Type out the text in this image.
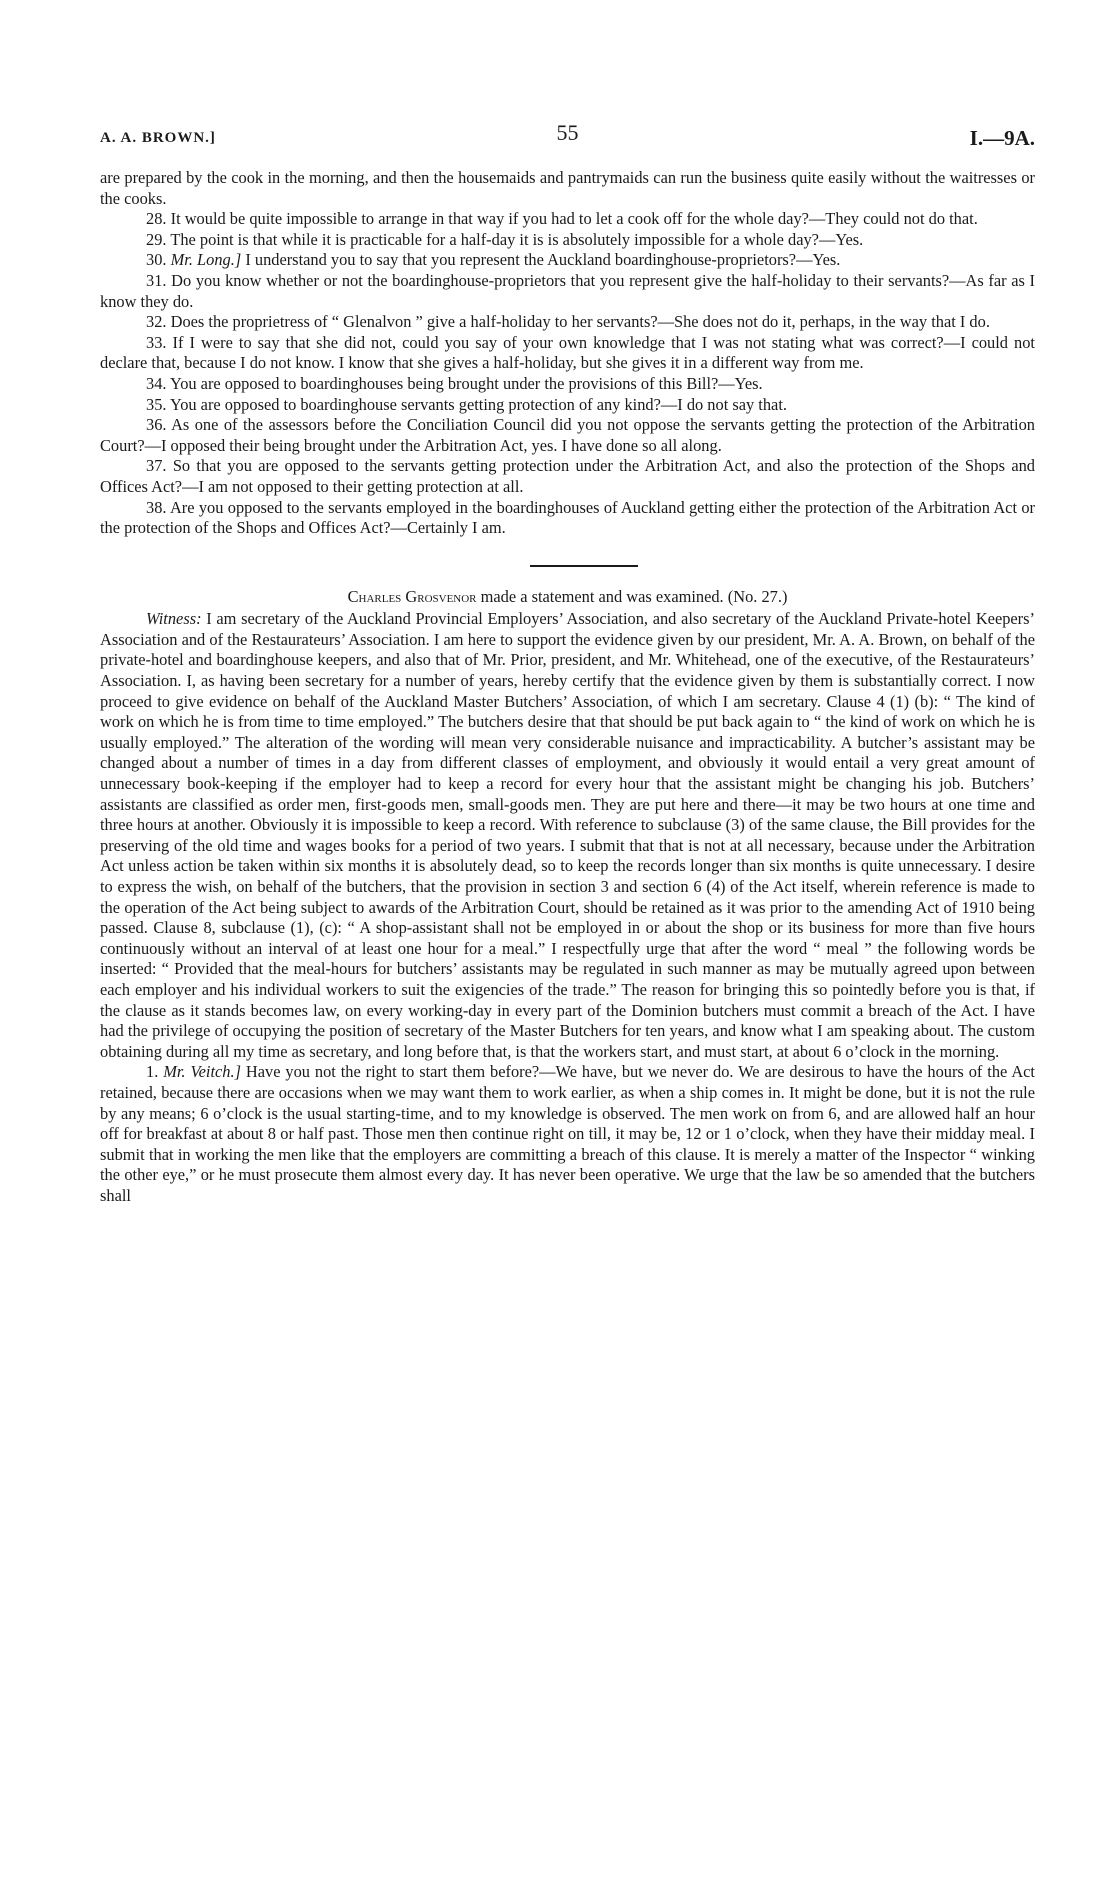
A. A. BROWN.]	55	I.—9A.

are prepared by the cook in the morning, and then the housemaids and pantrymaids can run the business quite easily without the waitresses or the cooks.

28. It would be quite impossible to arrange in that way if you had to let a cook off for the whole day?—They could not do that.

29. The point is that while it is practicable for a half-day it is is absolutely impossible for a whole day?—Yes.

30. Mr. Long.] I understand you to say that you represent the Auckland boardinghouse-proprietors?—Yes.

31. Do you know whether or not the boardinghouse-proprietors that you represent give the half-holiday to their servants?—As far as I know they do.

32. Does the proprietress of “ Glenalvon ” give a half-holiday to her servants?—She does not do it, perhaps, in the way that I do.

33. If I were to say that she did not, could you say of your own knowledge that I was not stating what was correct?—I could not declare that, because I do not know. I know that she gives a half-holiday, but she gives it in a different way from me.

34. You are opposed to boardinghouses being brought under the provisions of this Bill?—Yes.

35. You are opposed to boardinghouse servants getting protection of any kind?—I do not say that.

36. As one of the assessors before the Conciliation Council did you not oppose the servants getting the protection of the Arbitration Court?—I opposed their being brought under the Arbitration Act, yes. I have done so all along.

37. So that you are opposed to the servants getting protection under the Arbitration Act, and also the protection of the Shops and Offices Act?—I am not opposed to their getting protection at all.

38. Are you opposed to the servants employed in the boardinghouses of Auckland getting either the protection of the Arbitration Act or the protection of the Shops and Offices Act?—Certainly I am.

Charles Grosvenor made a statement and was examined. (No. 27.)

Witness: I am secretary of the Auckland Provincial Employers’ Association, and also secretary of the Auckland Private-hotel Keepers’ Association and of the Restaurateurs’ Association. I am here to support the evidence given by our president, Mr. A. A. Brown, on behalf of the private-hotel and boardinghouse keepers, and also that of Mr. Prior, president, and Mr. Whitehead, one of the executive, of the Restaurateurs’ Association. I, as having been secretary for a number of years, hereby certify that the evidence given by them is substantially correct. I now proceed to give evidence on behalf of the Auckland Master Butchers’ Association, of which I am secretary. Clause 4 (1) (b): “ The kind of work on which he is from time to time employed.” The butchers desire that that should be put back again to “ the kind of work on which he is usually employed.” The alteration of the wording will mean very considerable nuisance and impracticability. A butcher’s assistant may be changed about a number of times in a day from different classes of employment, and obviously it would entail a very great amount of unnecessary book-keeping if the employer had to keep a record for every hour that the assistant might be changing his job. Butchers’ assistants are classified as order men, first-goods men, small-goods men. They are put here and there—it may be two hours at one time and three hours at another. Obviously it is impossible to keep a record. With reference to subclause (3) of the same clause, the Bill provides for the preserving of the old time and wages books for a period of two years. I submit that that is not at all necessary, because under the Arbitration Act unless action be taken within six months it is absolutely dead, so to keep the records longer than six months is quite unnecessary. I desire to express the wish, on behalf of the butchers, that the provision in section 3 and section 6 (4) of the Act itself, wherein reference is made to the operation of the Act being subject to awards of the Arbitration Court, should be retained as it was prior to the amending Act of 1910 being passed. Clause 8, subclause (1), (c): “ A shop-assistant shall not be employed in or about the shop or its business for more than five hours continuously without an interval of at least one hour for a meal.” I respectfully urge that after the word “ meal ” the following words be inserted: “ Provided that the meal-hours for butchers’ assistants may be regulated in such manner as may be mutually agreed upon between each employer and his individual workers to suit the exigencies of the trade.” The reason for bringing this so pointedly before you is that, if the clause as it stands becomes law, on every working-day in every part of the Dominion butchers must commit a breach of the Act. I have had the privilege of occupying the position of secretary of the Master Butchers for ten years, and know what I am speaking about. The custom obtaining during all my time as secretary, and long before that, is that the workers start, and must start, at about 6 o’clock in the morning.

1. Mr. Veitch.] Have you not the right to start them before?—We have, but we never do. We are desirous to have the hours of the Act retained, because there are occasions when we may want them to work earlier, as when a ship comes in. It might be done, but it is not the rule by any means; 6 o’clock is the usual starting-time, and to my knowledge is observed. The men work on from 6, and are allowed half an hour off for breakfast at about 8 or half past. Those men then continue right on till, it may be, 12 or 1 o’clock, when they have their midday meal. I submit that in working the men like that the employers are committing a breach of this clause. It is merely a matter of the Inspector “ winking the other eye,” or he must prosecute them almost every day. It has never been operative. We urge that the law be so amended that the butchers shall
